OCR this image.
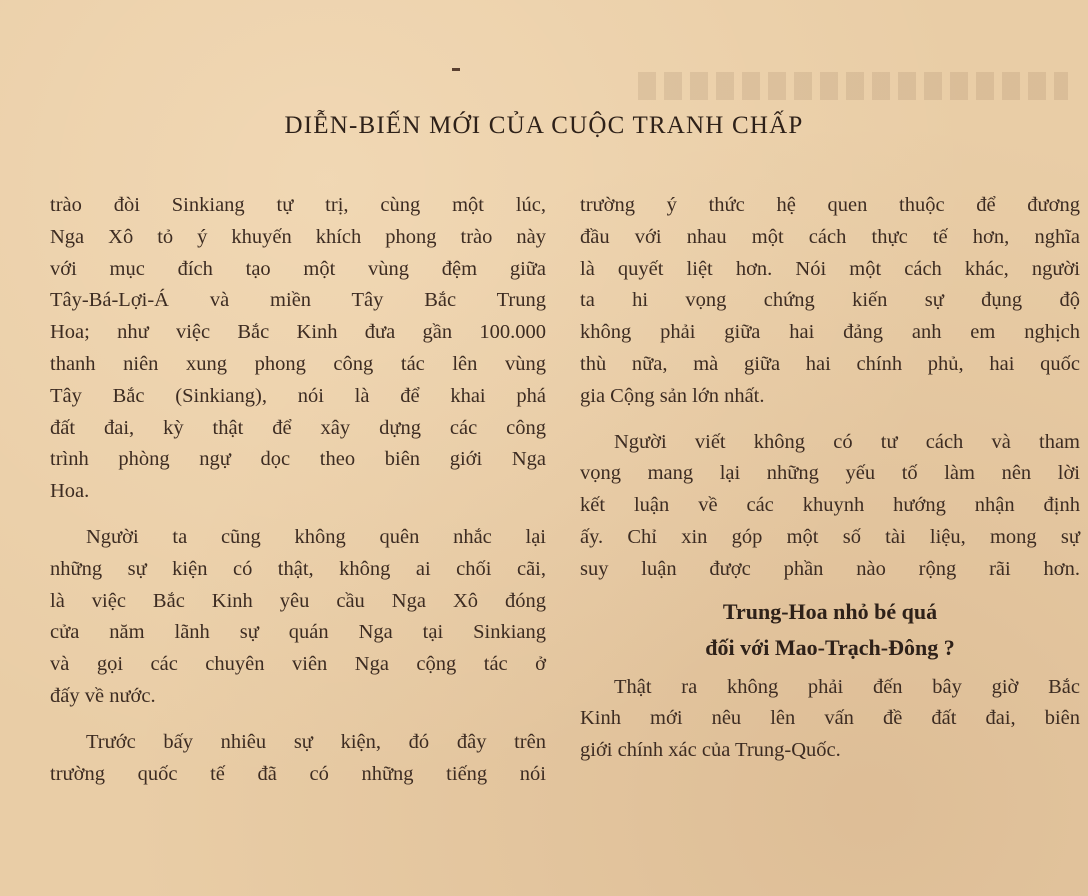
DIỄN-BIẾN MỚI CỦA CUỘC TRANH CHẤP
trào đòi Sinkiang tự trị, cùng một lúc,
Nga Xô tỏ ý khuyến khích phong trào này
với mục đích tạo một vùng đệm giữa
Tây-Bá-Lợi-Á và miền Tây Bắc Trung
Hoa; như việc Bắc Kinh đưa gần 100.000
thanh niên xung phong công tác lên vùng
Tây Bắc (Sinkiang), nói là để khai phá
đất đai, kỳ thật để xây dựng các công
trình phòng ngự dọc theo biên giới Nga
Hoa.
Người ta cũng không quên nhắc lại
những sự kiện có thật, không ai chối cãi,
là việc Bắc Kinh yêu cầu Nga Xô đóng
cửa năm lãnh sự quán Nga tại Sinkiang
và gọi các chuyên viên Nga cộng tác ở
đấy về nước.
Trước bấy nhiêu sự kiện, đó đây trên
trường quốc tế đã có những tiếng nói
trường ý thức hệ quen thuộc để đương
đầu với nhau một cách thực tế hơn, nghĩa
là quyết liệt hơn. Nói một cách khác, người
ta hi vọng chứng kiến sự đụng độ
không phải giữa hai đảng anh em nghịch
thù nữa, mà giữa hai chính phủ, hai quốc
gia Cộng sản lớn nhất.
Người viết không có tư cách và tham
vọng mang lại những yếu tố làm nên lời
kết luận về các khuynh hướng nhận định
ấy. Chỉ xin góp một số tài liệu, mong sự
suy luận được phần nào rộng rãi hơn.
Trung-Hoa nhỏ bé quá
đối với Mao-Trạch-Đông ?
Thật ra không phải đến bây giờ Bắc
Kinh mới nêu lên vấn đề đất đai, biên
giới chính xác của Trung-Quốc.
